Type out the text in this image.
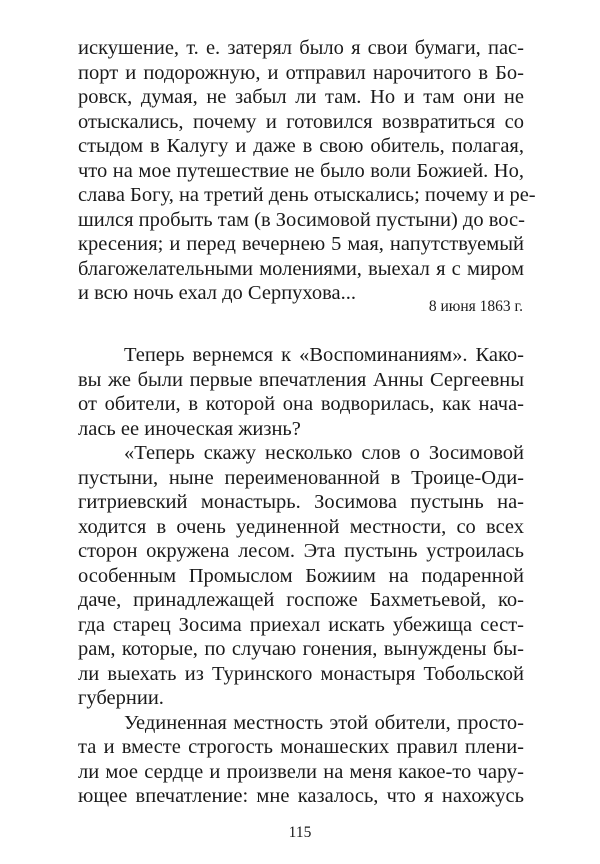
искушение, т. е. затерял было я свои бумаги, пас-
порт и подорожную, и отправил нарочитого в Бо-
ровск, думая, не забыл ли там. Но и там они не
отыскались, почему и готовился возвратиться со
стыдом в Калугу и даже в свою обитель, полагая,
что на мое путешествие не было воли Божией. Но,
слава Богу, на третий день отыскались; почему и ре-
шился пробыть там (в Зосимовой пустыни) до вос-
кресения; и перед вечернею 5 мая, напутствуемый
благожелательными молениями, выехал я с миром
и всю ночь ехал до Серпухова...
8 июня 1863 г.
Теперь вернемся к «Воспоминаниям». Како-
вы же были первые впечатления Анны Сергеевны
от обители, в которой она водворилась, как нача-
лась ее иноческая жизнь?
«Теперь скажу несколько слов о Зосимовой
пустыни, ныне переименованной в Троице-Оди-
гитриевский монастырь. Зосимова пустынь на-
ходится в очень уединенной местности, со всех
сторон окружена лесом. Эта пустынь устроилась
особенным Промыслом Божиим на подаренной
даче, принадлежащей госпоже Бахметьевой, ко-
гда старец Зосима приехал искать убежища сест-
рам, которые, по случаю гонения, вынуждены бы-
ли выехать из Туринского монастыря Тобольской
губернии.
Уединенная местность этой обители, просто-
та и вместе строгость монашеских правил плени-
ли мое сердце и произвели на меня какое-то чару-
ющее впечатление: мне казалось, что я нахожусь
115
